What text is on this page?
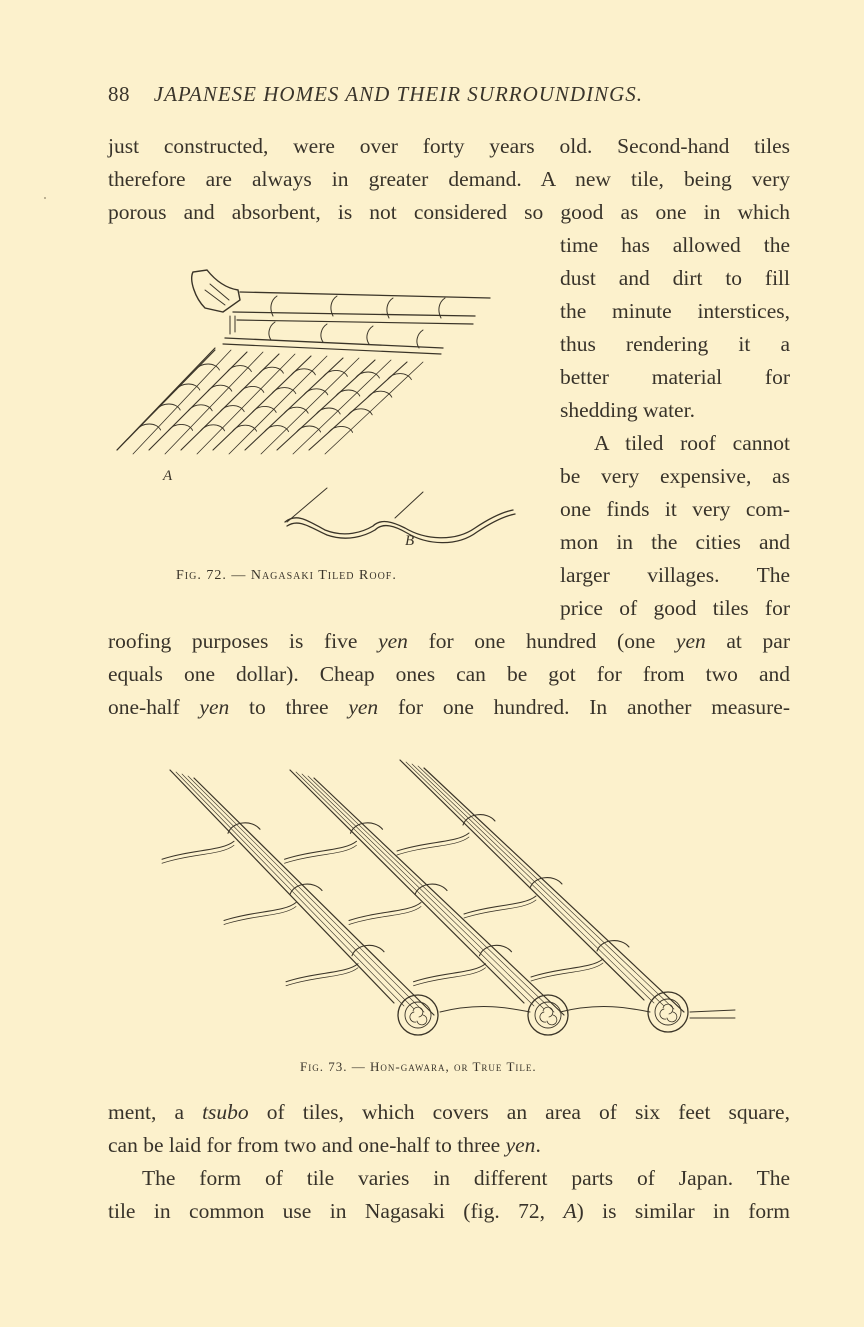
88 JAPANESE HOMES AND THEIR SURROUNDINGS.
just constructed, were over forty years old. Second-hand tiles
therefore are always in greater demand. A new tile, being very
porous and absorbent, is not considered so good as one in which
time has allowed the
dust and dirt to fill
the minute interstices,
thus rendering it a
better material for
shedding water.
A tiled roof cannot
be very expensive, as
one finds it very com-
mon in the cities and
larger villages. The
price of good tiles for
A
B
Fig. 72. — Nagasaki Tiled Roof.
roofing purposes is five yen for one hundred (one yen at par
equals one dollar). Cheap ones can be got for from two and
one-half yen to three yen for one hundred. In another measure-
Fig. 73. — Hon-gawara, or True Tile.
ment, a tsubo of tiles, which covers an area of six feet square,
can be laid for from two and one-half to three yen.
The form of tile varies in different parts of Japan. The
tile in common use in Nagasaki (fig. 72, A) is similar in form
